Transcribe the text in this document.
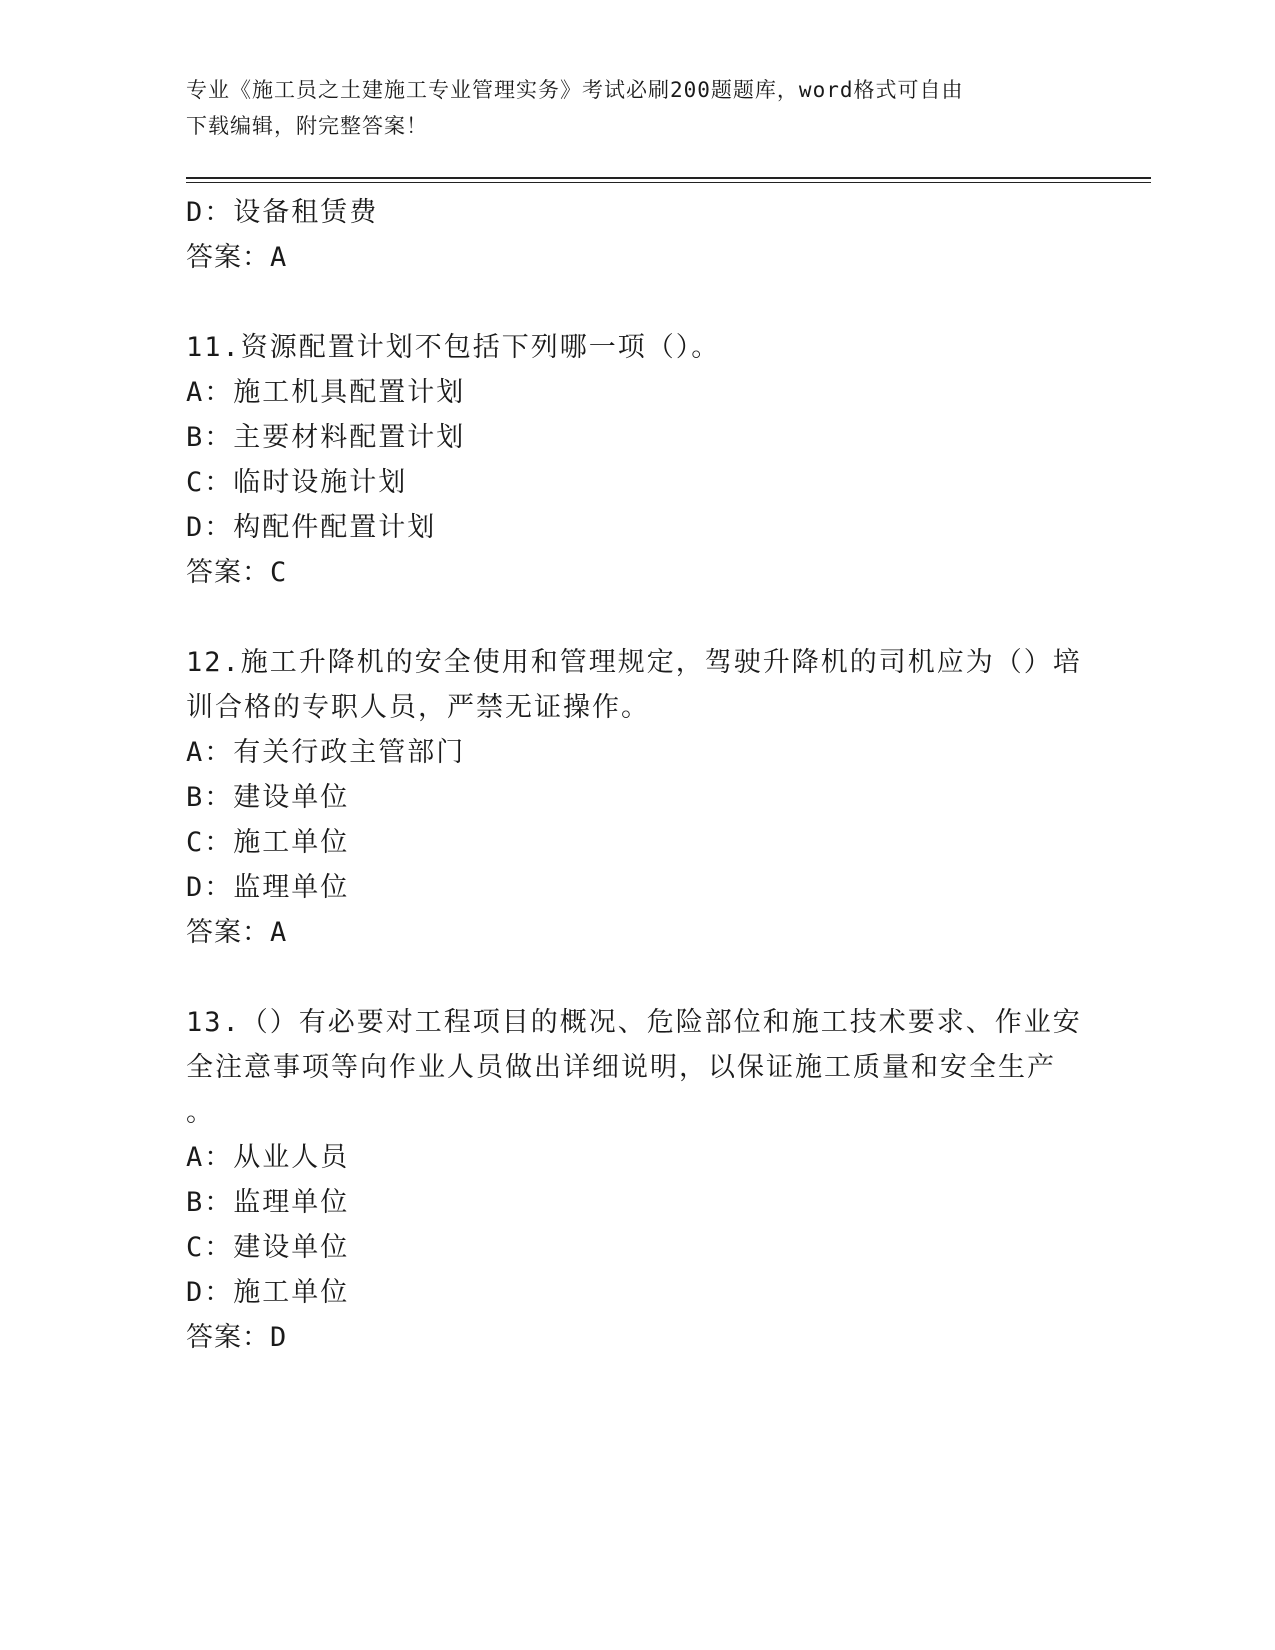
专业《施工员之土建施工专业管理实务》考试必刷200题题库，word格式可自由
下载编辑，附完整答案！
D：设备租赁费
答案：A
11.资源配置计划不包括下列哪一项（）。
A：施工机具配置计划
B：主要材料配置计划
C：临时设施计划
D：构配件配置计划
答案：C
12.施工升降机的安全使用和管理规定，驾驶升降机的司机应为（）培
训合格的专职人员，严禁无证操作。
A：有关行政主管部门
B：建设单位
C：施工单位
D：监理单位
答案：A
13.（）有必要对工程项目的概况、危险部位和施工技术要求、作业安
全注意事项等向作业人员做出详细说明，以保证施工质量和安全生产
。
A：从业人员
B：监理单位
C：建设单位
D：施工单位
答案：D
